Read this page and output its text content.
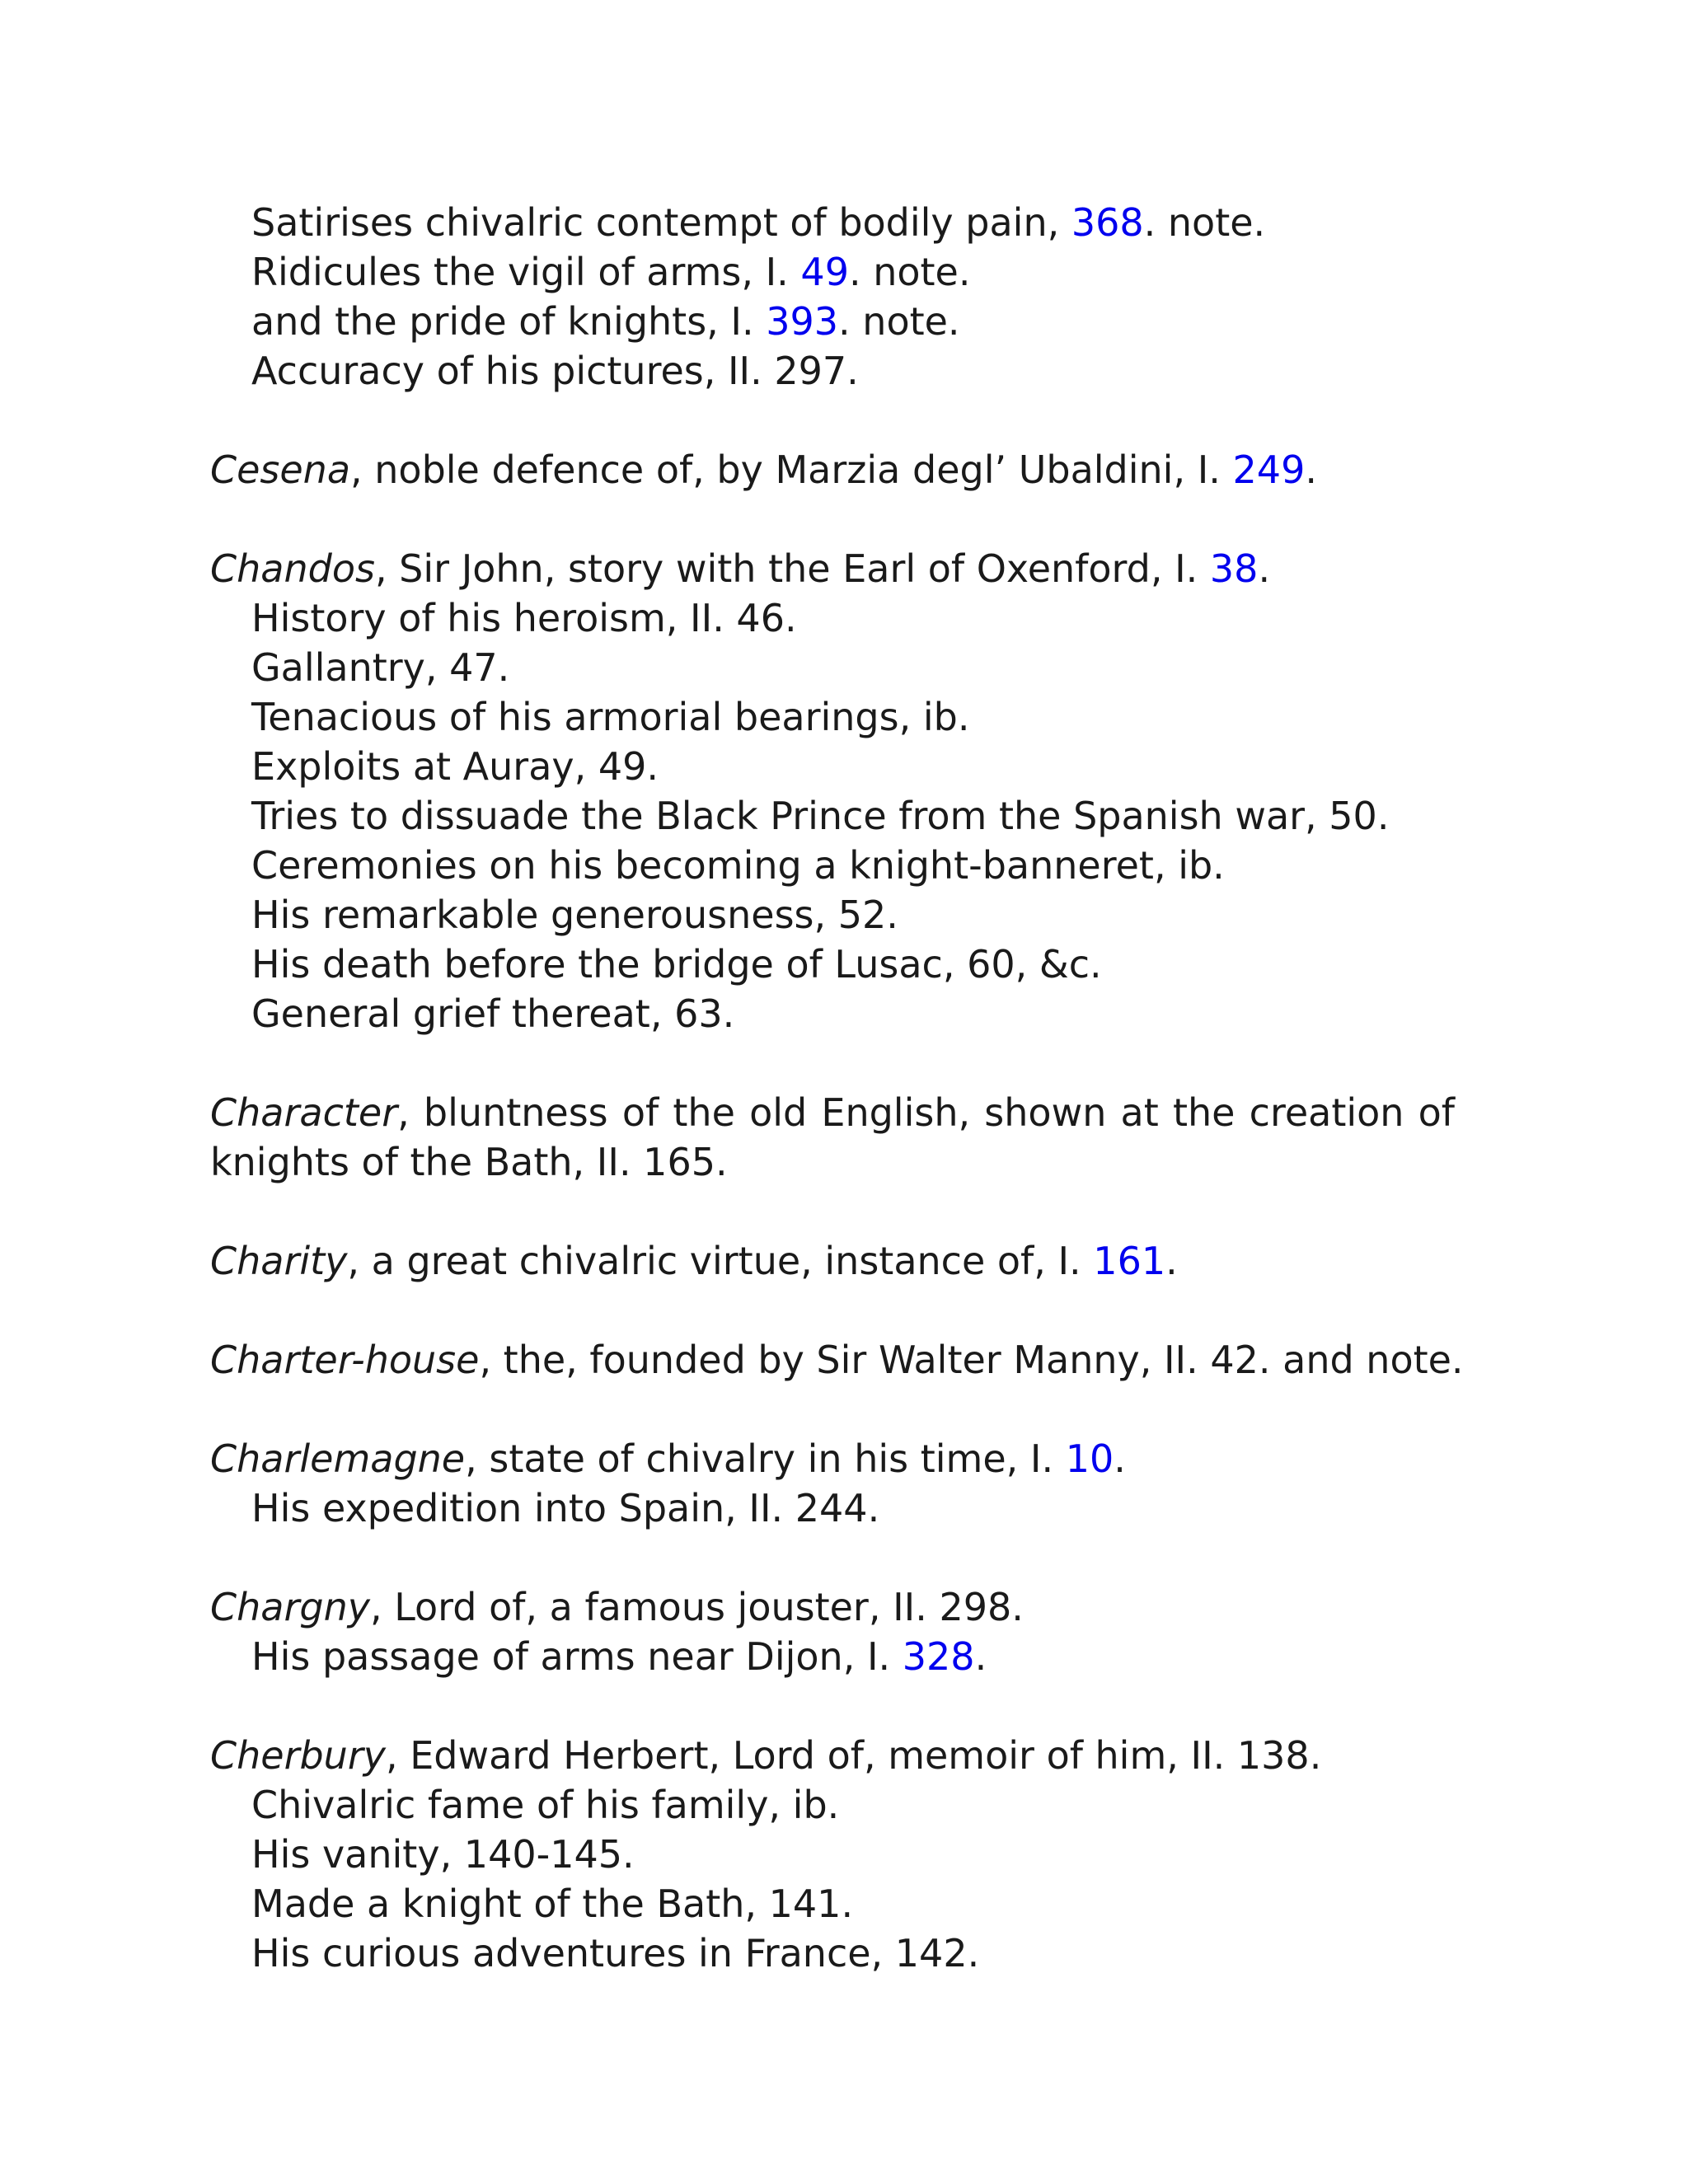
Satirises chivalric contempt of bodily pain, 368. note.
Ridicules the vigil of arms, I. 49. note.
and the pride of knights, I. 393. note.
Accuracy of his pictures, II. 297.
Cesena, noble defence of, by Marzia degl’ Ubaldini, I. 249.
Chandos, Sir John, story with the Earl of Oxenford, I. 38.
History of his heroism, II. 46.
Gallantry, 47.
Tenacious of his armorial bearings, ib.
Exploits at Auray, 49.
Tries to dissuade the Black Prince from the Spanish war, 50.
Ceremonies on his becoming a knight-banneret, ib.
His remarkable generousness, 52.
His death before the bridge of Lusac, 60, &c.
General grief thereat, 63.
Character, bluntness of the old English, shown at the creation of knights of the Bath, II. 165.
Charity, a great chivalric virtue, instance of, I. 161.
Charter-house, the, founded by Sir Walter Manny, II. 42. and note.
Charlemagne, state of chivalry in his time, I. 10.
His expedition into Spain, II. 244.
Chargny, Lord of, a famous jouster, II. 298.
His passage of arms near Dijon, I. 328.
Cherbury, Edward Herbert, Lord of, memoir of him, II. 138.
Chivalric fame of his family, ib.
His vanity, 140-145.
Made a knight of the Bath, 141.
His curious adventures in France, 142.
